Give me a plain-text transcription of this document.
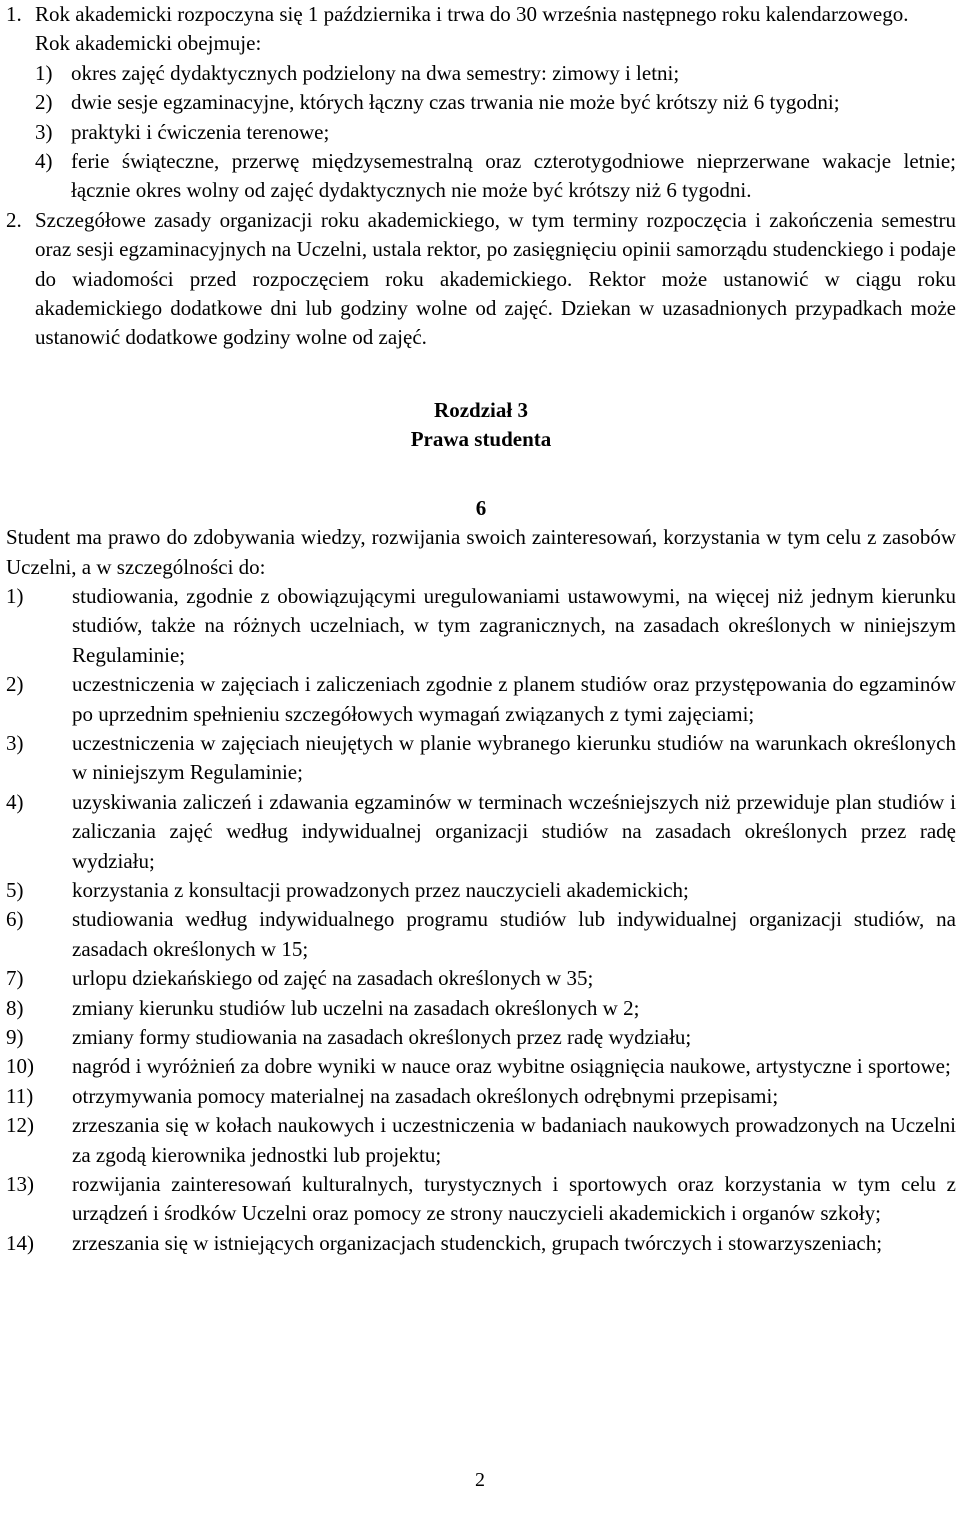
1. Rok akademicki rozpoczyna się 1 października i trwa do 30 września następnego roku kalendarzowego.

Rok akademicki obejmuje:

1) okres zajęć dydaktycznych podzielony na dwa semestry: zimowy i letni;
2) dwie sesje egzaminacyjne, których łączny czas trwania nie może być krótszy niż 6 tygodni;
3) praktyki i ćwiczenia terenowe;
4) ferie świąteczne, przerwę międzysemestralną oraz czterotygodniowe nieprzerwane wakacje letnie; łącznie okres wolny od zajęć dydaktycznych nie może być krótszy niż 6 tygodni.
2. Szczegółowe zasady organizacji roku akademickiego, w tym terminy rozpoczęcia i zakończenia semestru oraz sesji egzaminacyjnych na Uczelni, ustala rektor, po zasięgnięciu opinii samorządu studenckiego i podaje do wiadomości przed rozpoczęciem roku akademickiego. Rektor może ustanowić w ciągu roku akademickiego dodatkowe dni lub godziny wolne od zajęć. Dziekan w uzasadnionych przypadkach może ustanowić dodatkowe godziny wolne od zajęć.

Rozdział 3

Prawa studenta

6

Student ma prawo do zdobywania wiedzy, rozwijania swoich zainteresowań, korzystania w tym celu z zasobów Uczelni, a w szczególności do:

1)	studiowania, zgodnie z obowiązującymi uregulowaniami ustawowymi, na więcej niż jednym kierunku studiów, także na różnych uczelniach, w tym zagranicznych, na zasadach określonych w niniejszym Regulaminie;
2)	uczestniczenia w zajęciach i zaliczeniach zgodnie z planem studiów oraz przystępowania do egzaminów po uprzednim spełnieniu szczegółowych wymagań związanych z tymi zajęciami;
3)	uczestniczenia w zajęciach nieujętych w planie wybranego kierunku studiów na warunkach określonych w niniejszym Regulaminie;
4)	uzyskiwania zaliczeń i zdawania egzaminów w terminach wcześniejszych niż przewiduje plan studiów i zaliczania zajęć według indywidualnej organizacji studiów na zasadach określonych przez radę wydziału;
5)	korzystania z konsultacji prowadzonych przez nauczycieli akademickich;
6)	studiowania według indywidualnego programu studiów lub indywidualnej organizacji studiów, na zasadach określonych w 15;
7)	urlopu dziekańskiego od zajęć na zasadach określonych w 35;
8)	zmiany kierunku studiów lub uczelni na zasadach określonych w 2;
9)	zmiany formy studiowania na zasadach określonych przez radę wydziału;
10)	nagród i wyróżnień za dobre wyniki w nauce oraz wybitne osiągnięcia naukowe, artystyczne i sportowe;
11)	otrzymywania pomocy materialnej na zasadach określonych odrębnymi przepisami;
12)	zrzeszania się w kołach naukowych i uczestniczenia w badaniach naukowych prowadzonych na Uczelni za zgodą kierownika jednostki lub projektu;
13)	rozwijania zainteresowań kulturalnych, turystycznych i sportowych oraz korzystania w tym celu z urządzeń i środków Uczelni oraz pomocy ze strony nauczycieli akademickich i organów szkoły;
14)	zrzeszania się w istniejących organizacjach studenckich, grupach twórczych i stowarzyszeniach;
2
